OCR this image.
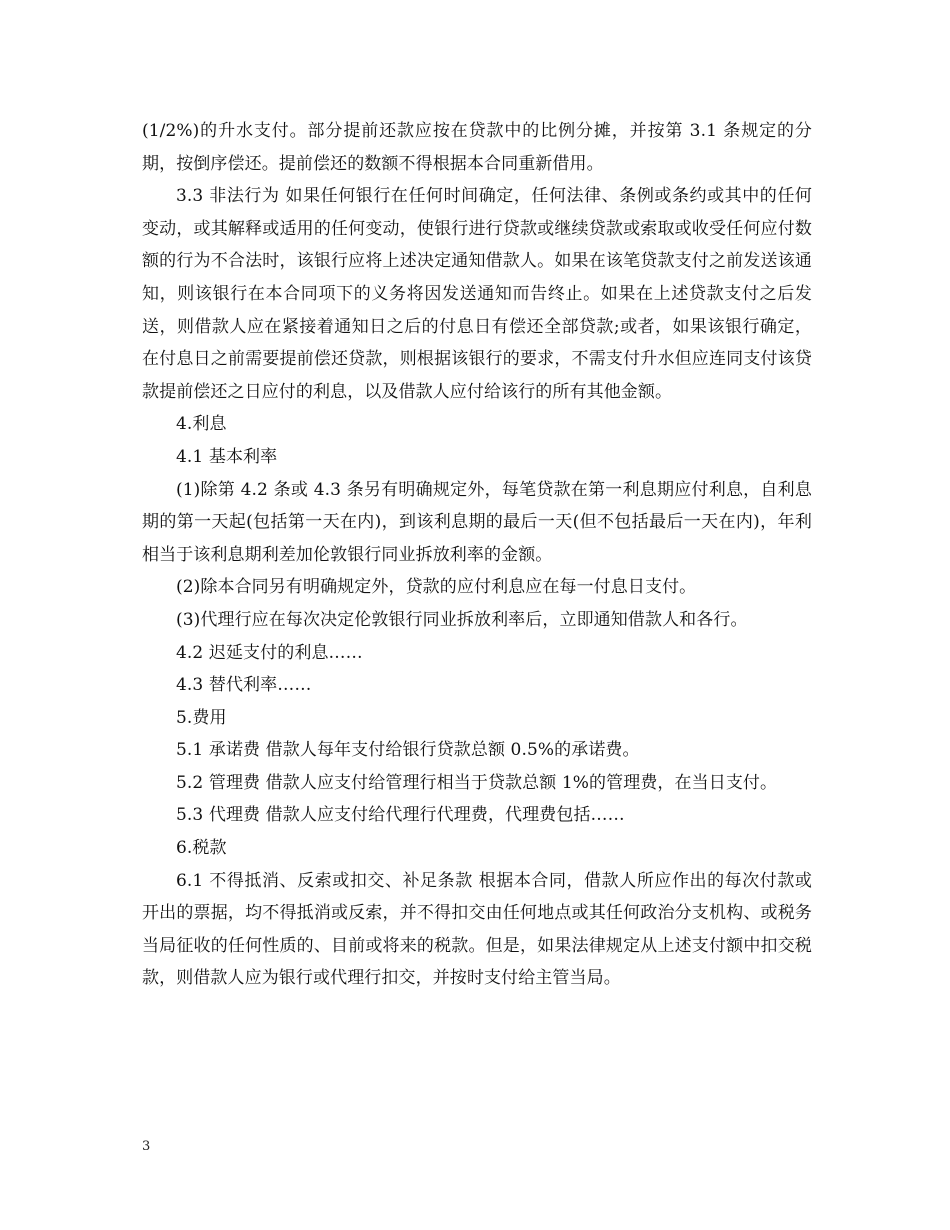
(1/2%)的升水支付。部分提前还款应按在贷款中的比例分摊，并按第 3.1 条规定的分期，按倒序偿还。提前偿还的数额不得根据本合同重新借用。

3.3 非法行为 如果任何银行在任何时间确定，任何法律、条例或条约或其中的任何变动，或其解释或适用的任何变动，使银行进行贷款或继续贷款或索取或收受任何应付数额的行为不合法时，该银行应将上述决定通知借款人。如果在该笔贷款支付之前发送该通知，则该银行在本合同项下的义务将因发送通知而告终止。如果在上述贷款支付之后发送，则借款人应在紧接着通知日之后的付息日有偿还全部贷款;或者，如果该银行确定，在付息日之前需要提前偿还贷款，则根据该银行的要求，不需支付升水但应连同支付该贷款提前偿还之日应付的利息，以及借款人应付给该行的所有其他金额。

4.利息

4.1 基本利率

(1)除第 4.2 条或 4.3 条另有明确规定外，每笔贷款在第一利息期应付利息，自利息期的第一天起(包括第一天在内)，到该利息期的最后一天(但不包括最后一天在内)，年利相当于该利息期利差加伦敦银行同业拆放利率的金额。

(2)除本合同另有明确规定外，贷款的应付利息应在每一付息日支付。

(3)代理行应在每次决定伦敦银行同业拆放利率后，立即通知借款人和各行。

4.2 迟延支付的利息……

4.3 替代利率……

5.费用

5.1 承诺费 借款人每年支付给银行贷款总额 0.5%的承诺费。

5.2 管理费 借款人应支付给管理行相当于贷款总额 1%的管理费，在当日支付。

5.3 代理费 借款人应支付给代理行代理费，代理费包括……

6.税款

6.1 不得抵消、反索或扣交、补足条款 根据本合同，借款人所应作出的每次付款或开出的票据，均不得抵消或反索，并不得扣交由任何地点或其任何政治分支机构、或税务当局征收的任何性质的、目前或将来的税款。但是，如果法律规定从上述支付额中扣交税款，则借款人应为银行或代理行扣交，并按时支付给主管当局。

3
